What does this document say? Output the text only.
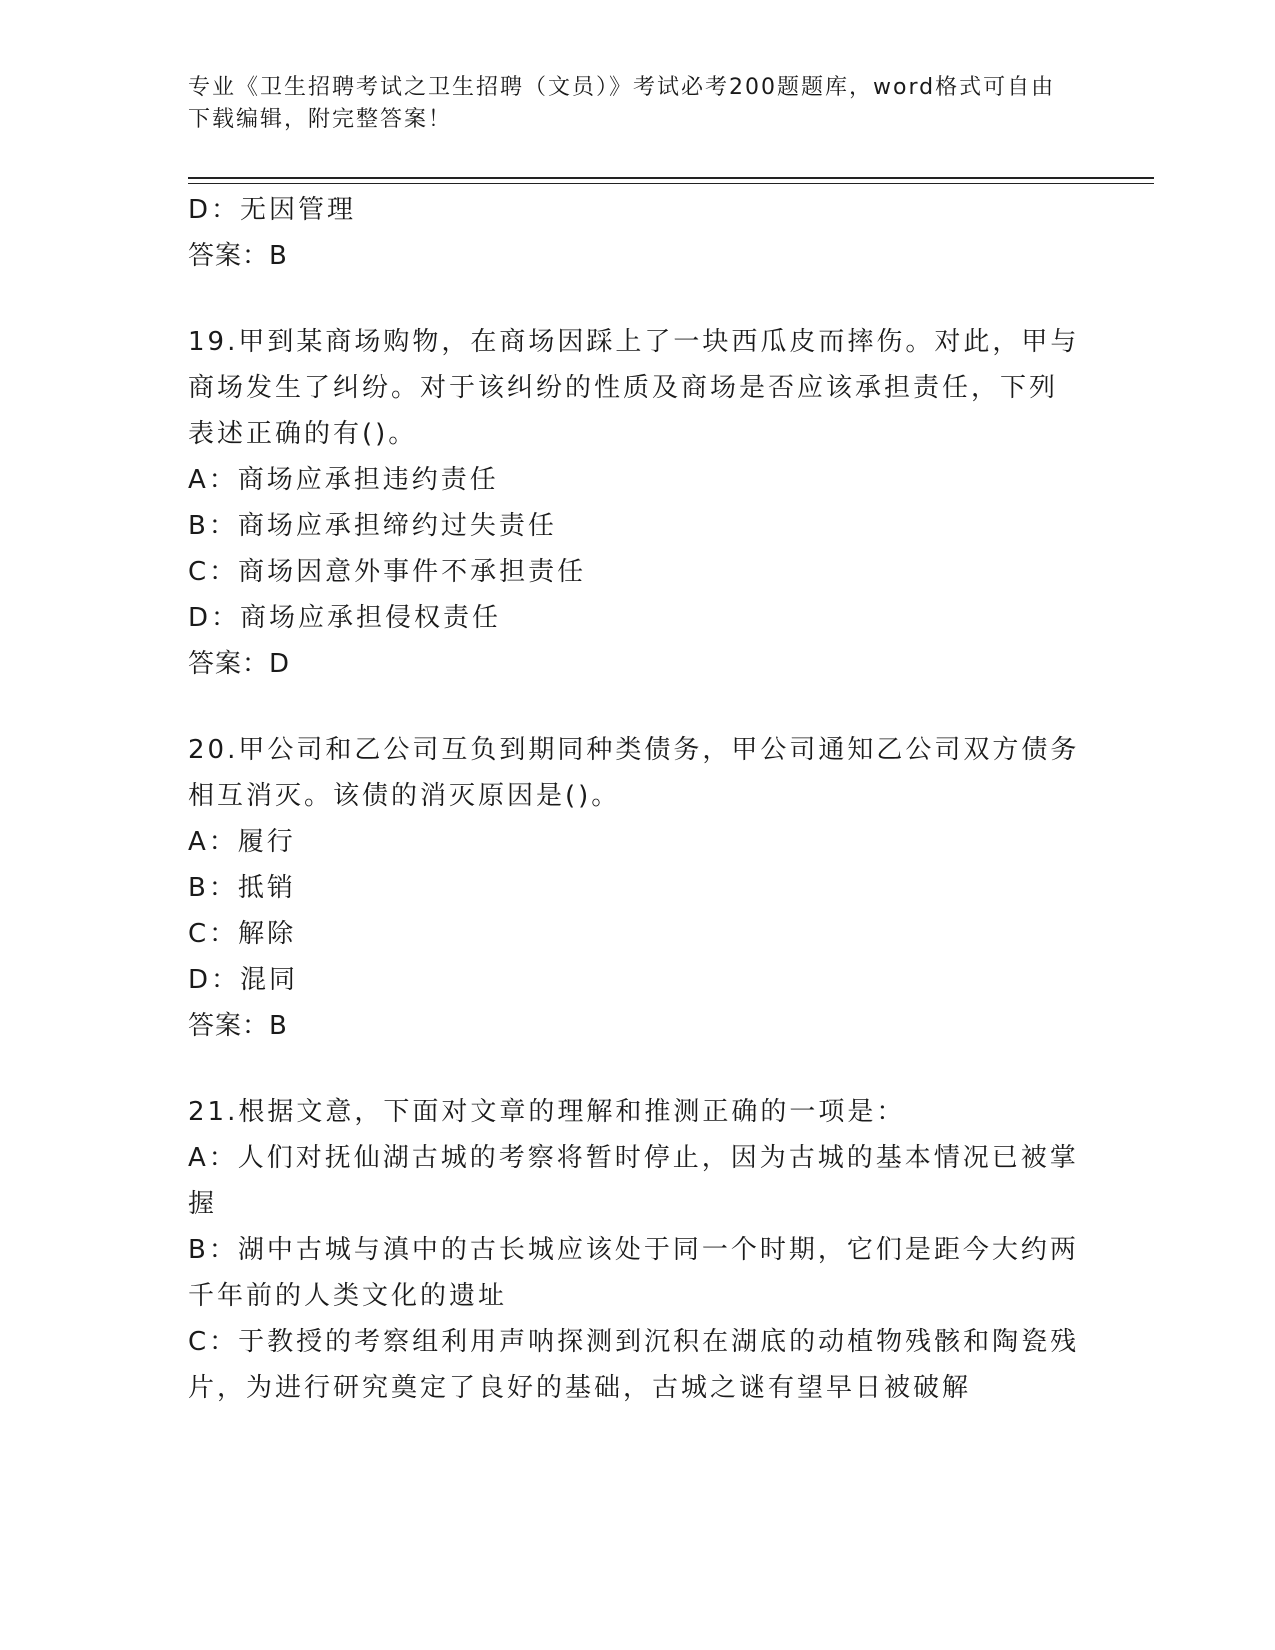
专业《卫生招聘考试之卫生招聘（文员）》考试必考200题题库，word格式可自由下载编辑，附完整答案！
D：无因管理
答案：B
19.甲到某商场购物，在商场因踩上了一块西瓜皮而摔伤。对此，甲与商场发生了纠纷。对于该纠纷的性质及商场是否应该承担责任，下列表述正确的有()。
A：商场应承担违约责任
B：商场应承担缔约过失责任
C：商场因意外事件不承担责任
D：商场应承担侵权责任
答案：D
20.甲公司和乙公司互负到期同种类债务，甲公司通知乙公司双方债务相互消灭。该债的消灭原因是()。
A：履行
B：抵销
C：解除
D：混同
答案：B
21.根据文意，下面对文章的理解和推测正确的一项是：
A：人们对抚仙湖古城的考察将暂时停止，因为古城的基本情况已被掌握
B：湖中古城与滇中的古长城应该处于同一个时期，它们是距今大约两千年前的人类文化的遗址
C：于教授的考察组利用声呐探测到沉积在湖底的动植物残骸和陶瓷残片，为进行研究奠定了良好的基础，古城之谜有望早日被破解
